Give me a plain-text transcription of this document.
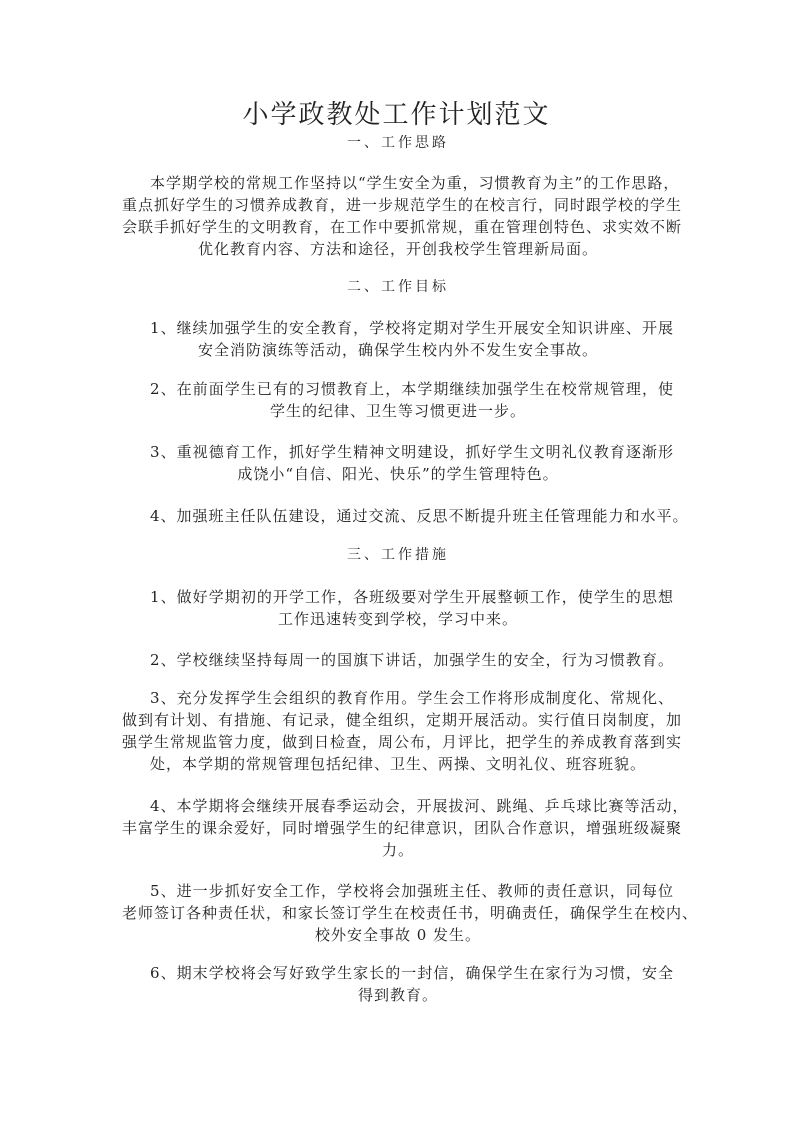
小学政教处工作计划范文
一、工作思路
本学期学校的常规工作坚持以“学生安全为重，习惯教育为主”的工作思路，
重点抓好学生的习惯养成教育，进一步规范学生的在校言行，同时跟学校的学生
会联手抓好学生的文明教育，在工作中要抓常规，重在管理创特色、求实效不断
优化教育内容、方法和途径，开创我校学生管理新局面。
二、工作目标
1、继续加强学生的安全教育，学校将定期对学生开展安全知识讲座、开展
安全消防演练等活动，确保学生校内外不发生安全事故。
2、在前面学生已有的习惯教育上，本学期继续加强学生在校常规管理，使
学生的纪律、卫生等习惯更进一步。
3、重视德育工作，抓好学生精神文明建设，抓好学生文明礼仪教育逐渐形
成饶小“自信、阳光、快乐”的学生管理特色。
4、加强班主任队伍建设，通过交流、反思不断提升班主任管理能力和水平。
三、工作措施
1、做好学期初的开学工作，各班级要对学生开展整顿工作，使学生的思想
工作迅速转变到学校，学习中来。
2、学校继续坚持每周一的国旗下讲话，加强学生的安全，行为习惯教育。
3、充分发挥学生会组织的教育作用。学生会工作将形成制度化、常规化、
做到有计划、有措施、有记录，健全组织，定期开展活动。实行值日岗制度，加
强学生常规监管力度，做到日检查，周公布，月评比，把学生的养成教育落到实
处，本学期的常规管理包括纪律、卫生、两操、文明礼仪、班容班貌。
4、本学期将会继续开展春季运动会，开展拔河、跳绳、乒乓球比赛等活动，
丰富学生的课余爱好，同时增强学生的纪律意识，团队合作意识，增强班级凝聚
力。
5、进一步抓好安全工作，学校将会加强班主任、教师的责任意识，同每位
老师签订各种责任状，和家长签订学生在校责任书，明确责任，确保学生在校内、
校外安全事故 0 发生。
6、期末学校将会写好致学生家长的一封信，确保学生在家行为习惯，安全
得到教育。
